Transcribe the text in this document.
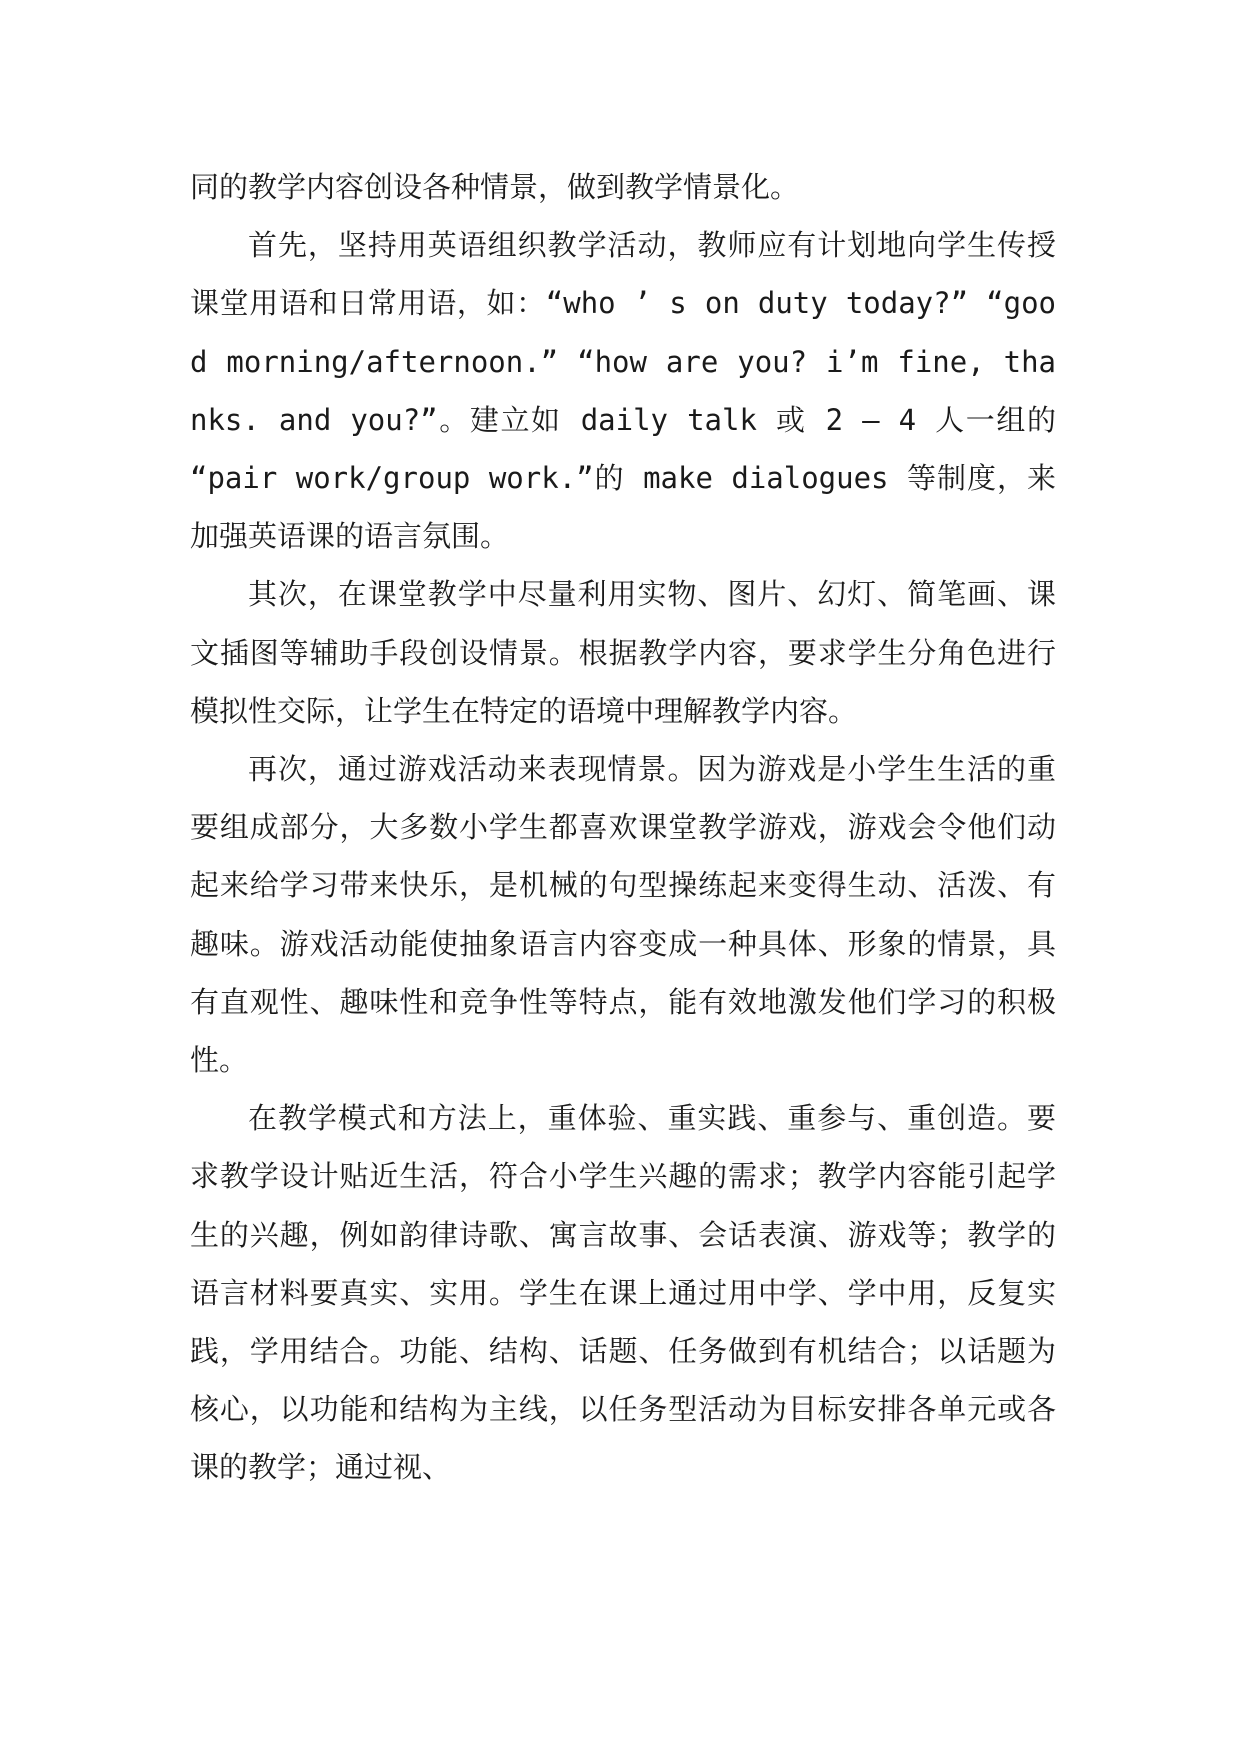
同的教学内容创设各种情景，做到教学情景化。

首先，坚持用英语组织教学活动，教师应有计划地向学生传授课堂用语和日常用语，如：“who ’ s on duty today?” “good morning/afternoon.” “how are you? i’m fine, thanks. and you?”。建立如 daily talk 或 2 — 4 人一组的 “pair work/group work.”的 make dialogues 等制度，来加强英语课的语言氛围。

其次，在课堂教学中尽量利用实物、图片、幻灯、简笔画、课文插图等辅助手段创设情景。根据教学内容，要求学生分角色进行模拟性交际，让学生在特定的语境中理解教学内容。

再次，通过游戏活动来表现情景。因为游戏是小学生生活的重要组成部分，大多数小学生都喜欢课堂教学游戏，游戏会令他们动起来给学习带来快乐，是机械的句型操练起来变得生动、活泼、有趣味。游戏活动能使抽象语言内容变成一种具体、形象的情景，具有直观性、趣味性和竞争性等特点，能有效地激发他们学习的积极性。

在教学模式和方法上，重体验、重实践、重参与、重创造。要求教学设计贴近生活，符合小学生兴趣的需求；教学内容能引起学生的兴趣，例如韵律诗歌、寓言故事、会话表演、游戏等；教学的语言材料要真实、实用。学生在课上通过用中学、学中用，反复实践，学用结合。功能、结构、话题、任务做到有机结合；以话题为核心，以功能和结构为主线，以任务型活动为目标安排各单元或各课的教学；通过视、
